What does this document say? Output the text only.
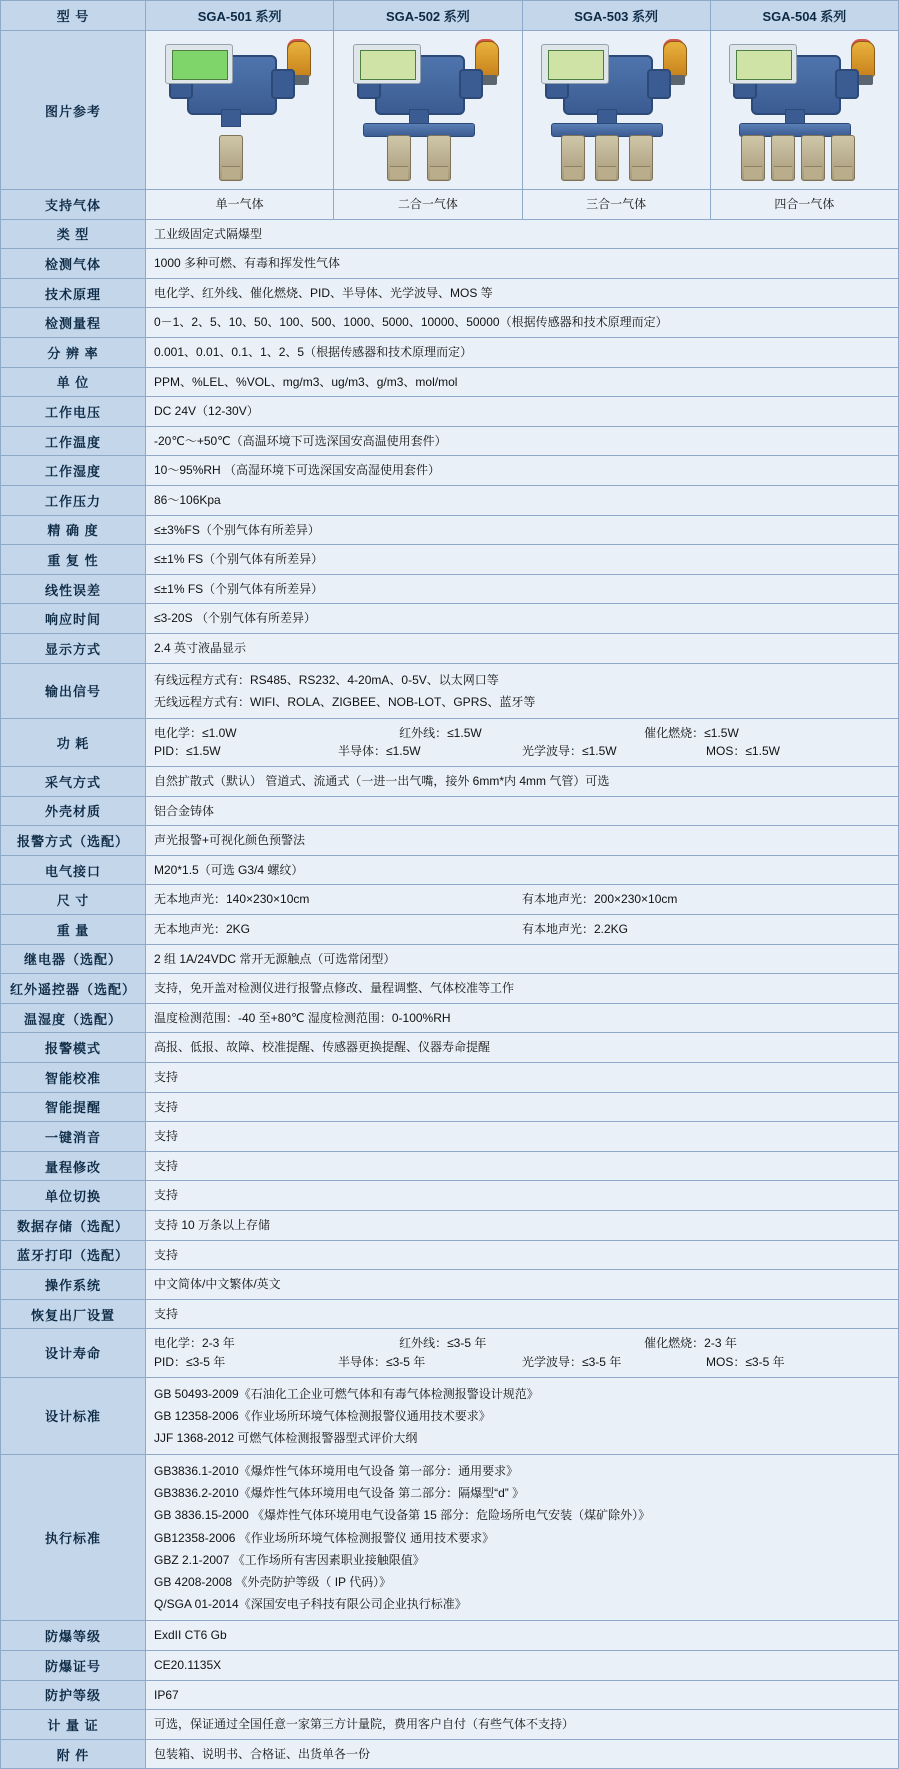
型 号	SGA-501 系列	SGA-502 系列	SGA-503 系列	SGA-504 系列
图片参考	

支持气体	单一气体	二合一气体	三合一气体	四合一气体
类 型	工业级固定式隔爆型			
检测气体	1000 多种可燃、有毒和挥发性气体			
技术原理	电化学、红外线、催化燃烧、PID、半导体、光学波导、MOS 等			
检测量程	0－1、2、5、10、50、100、500、1000、5000、10000、50000（根据传感器和技术原理而定）			
分 辨 率	0.001、0.01、0.1、1、2、5（根据传感器和技术原理而定）			
单 位	PPM、%LEL、%VOL、mg/m3、ug/m3、g/m3、mol/mol			
工作电压	DC 24V（12-30V）			
工作温度	-20℃～+50℃（高温环境下可选深国安高温使用套件）			
工作湿度	10～95%RH （高湿环境下可选深国安高湿使用套件）			
工作压力	86～106Kpa			
精 确 度	≤±3%FS（个别气体有所差异）			
重 复 性	≤±1% FS（个别气体有所差异）			
线性误差	≤±1% FS（个别气体有所差异）			
响应时间	≤3-20S （个别气体有所差异）			
显示方式	2.4 英寸液晶显示			
输出信号	有线远程方式有：RS485、RS232、4-20mA、0-5V、以太网口等
无线远程方式有：WIFI、ROLA、ZIGBEE、NOB-LOT、GPRS、蓝牙等			

功 耗	
电化学：≤1.0W	红外线：≤1.5W	催化燃烧：≤1.5W
PID：≤1.5W	半导体：≤1.5W	光学波导：≤1.5W	MOS：≤1.5W

采气方式	自然扩散式（默认） 管道式、流通式（一进一出气嘴，接外 6mm*内 4mm 气管）可选			
外壳材质	铝合金铸体			
报警方式（选配）	声光报警+可视化颜色预警法			
电气接口	M20*1.5（可选 G3/4 螺纹）			
尺 寸	无本地声光：140×230×10cm 有本地声光：200×230×10cm			

重 量	无本地声光：2KG 有本地声光：2.2KG			

继电器（选配）	2 组 1A/24VDC 常开无源触点（可选常闭型）			
红外遥控器（选配）	支持，免开盖对检测仪进行报警点修改、量程调整、气体校准等工作			
温湿度（选配）	温度检测范围：-40 至+80℃ 湿度检测范围：0-100%RH			
报警模式	高报、低报、故障、校准提醒、传感器更换提醒、仪器寿命提醒			
智能校准	支持			
智能提醒	支持			
一键消音	支持			
量程修改	支持			
单位切换	支持			
数据存储（选配）	支持 10 万条以上存储			
蓝牙打印（选配）	支持			
操作系统	中文简体/中文繁体/英文			
恢复出厂设置	支持			
设计寿命	
电化学：2-3 年	红外线：≤3-5 年	催化燃烧：2-3 年
PID：≤3-5 年	半导体：≤3-5 年	光学波导：≤3-5 年	MOS：≤3-5 年

设计标准	GB 50493-2009《石油化工企业可燃气体和有毒气体检测报警设计规范》
GB 12358-2006《作业场所环境气体检测报警仪通用技术要求》
JJF 1368-2012 可燃气体检测报警器型式评价大纲			

执行标准	
GB3836.1-2010《爆炸性气体环境用电气设备 第一部分：通用要求》
GB3836.2-2010《爆炸性气体环境用电气设备 第二部分：隔爆型“d” 》
GB 3836.15-2000 《爆炸性气体环境用电气设备第 15 部分：危险场所电气安装（煤矿除外）》
GB12358-2006 《作业场所环境气体检测报警仪 通用技术要求》
GBZ 2.1-2007 《工作场所有害因素职业接触限值》
GB 4208-2008 《外壳防护等级（ IP 代码）》
Q/SGA 01-2014《深国安电子科技有限公司企业执行标准》

防爆等级	ExdII CT6 Gb			
防爆证号	CE20.1135X			
防护等级	IP67			
计 量 证	可选，保证通过全国任意一家第三方计量院，费用客户自付（有些气体不支持）			
附 件	包装箱、说明书、合格证、出货单各一份			
